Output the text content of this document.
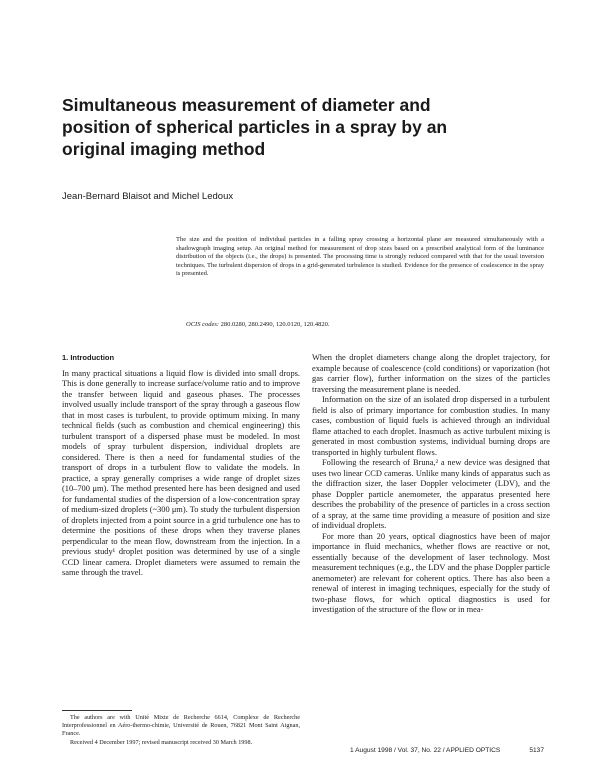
Simultaneous measurement of diameter and position of spherical particles in a spray by an original imaging method

Jean-Bernard Blaisot and Michel Ledoux

The size and the position of individual particles in a falling spray crossing a horizontal plane are measured simultaneously with a shadowgraph imaging setup. An original method for measurement of drop sizes based on a prescribed analytical form of the luminance distribution of the objects (i.e., the drops) is presented. The processing time is strongly reduced compared with that for the usual inversion techniques. The turbulent dispersion of drops in a grid-generated turbulence is studied. Evidence for the presence of coalescence in the spray is presented.

OCIS codes: 280.0280, 280.2490, 120.0120, 120.4820.

1. Introduction

In many practical situations a liquid flow is divided into small drops. This is done generally to increase surface/volume ratio and to improve the transfer between liquid and gaseous phases. The processes involved usually include transport of the spray through a gaseous flow that in most cases is turbulent, to provide optimum mixing. In many technical fields (such as combustion and chemical engineering) this turbulent transport of a dispersed phase must be modeled. In most models of spray turbulent dispersion, individual droplets are considered. There is then a need for fundamental studies of the transport of drops in a turbulent flow to validate the models. In practice, a spray generally comprises a wide range of droplet sizes (10–700 μm). The method presented here has been designed and used for fundamental studies of the dispersion of a low-concentration spray of medium-sized droplets (~300 μm). To study the turbulent dispersion of droplets injected from a point source in a grid turbulence one has to determine the positions of these drops when they traverse planes perpendicular to the mean flow, downstream from the injection. In a previous study¹ droplet position was determined by use of a single CCD linear camera. Droplet diameters were assumed to remain the same through the travel.

When the droplet diameters change along the droplet trajectory, for example because of coalescence (cold conditions) or vaporization (hot gas carrier flow), further information on the sizes of the particles traversing the measurement plane is needed.

Information on the size of an isolated drop dispersed in a turbulent field is also of primary importance for combustion studies. In many cases, combustion of liquid fuels is achieved through an individual flame attached to each droplet. Inasmuch as active turbulent mixing is generated in most combustion systems, individual burning drops are transported in highly turbulent flows.

Following the research of Bruna,² a new device was designed that uses two linear CCD cameras. Unlike many kinds of apparatus such as the diffraction sizer, the laser Doppler velocimeter (LDV), and the phase Doppler particle anemometer, the apparatus presented here describes the probability of the presence of particles in a cross section of a spray, at the same time providing a measure of position and size of individual droplets.

For more than 20 years, optical diagnostics have been of major importance in fluid mechanics, whether flows are reactive or not, essentially because of the development of laser technology. Most measurement techniques (e.g., the LDV and the phase Doppler particle anemometer) are relevant for coherent optics. There has also been a renewal of interest in imaging techniques, especially for the study of two-phase flows, for which optical diagnostics is used for investigation of the structure of the flow or in mea-

The authors are with Unité Mixte de Recherche 6614, Complexe de Recherche Interprofessionnel en Aéro-thermo-chimie, Université de Rouen, 76821 Mont Saint Aignan, France.

Received 4 December 1997; revised manuscript received 30 March 1998.

1 August 1998 / Vol. 37, No. 22 / APPLIED OPTICS	5137
